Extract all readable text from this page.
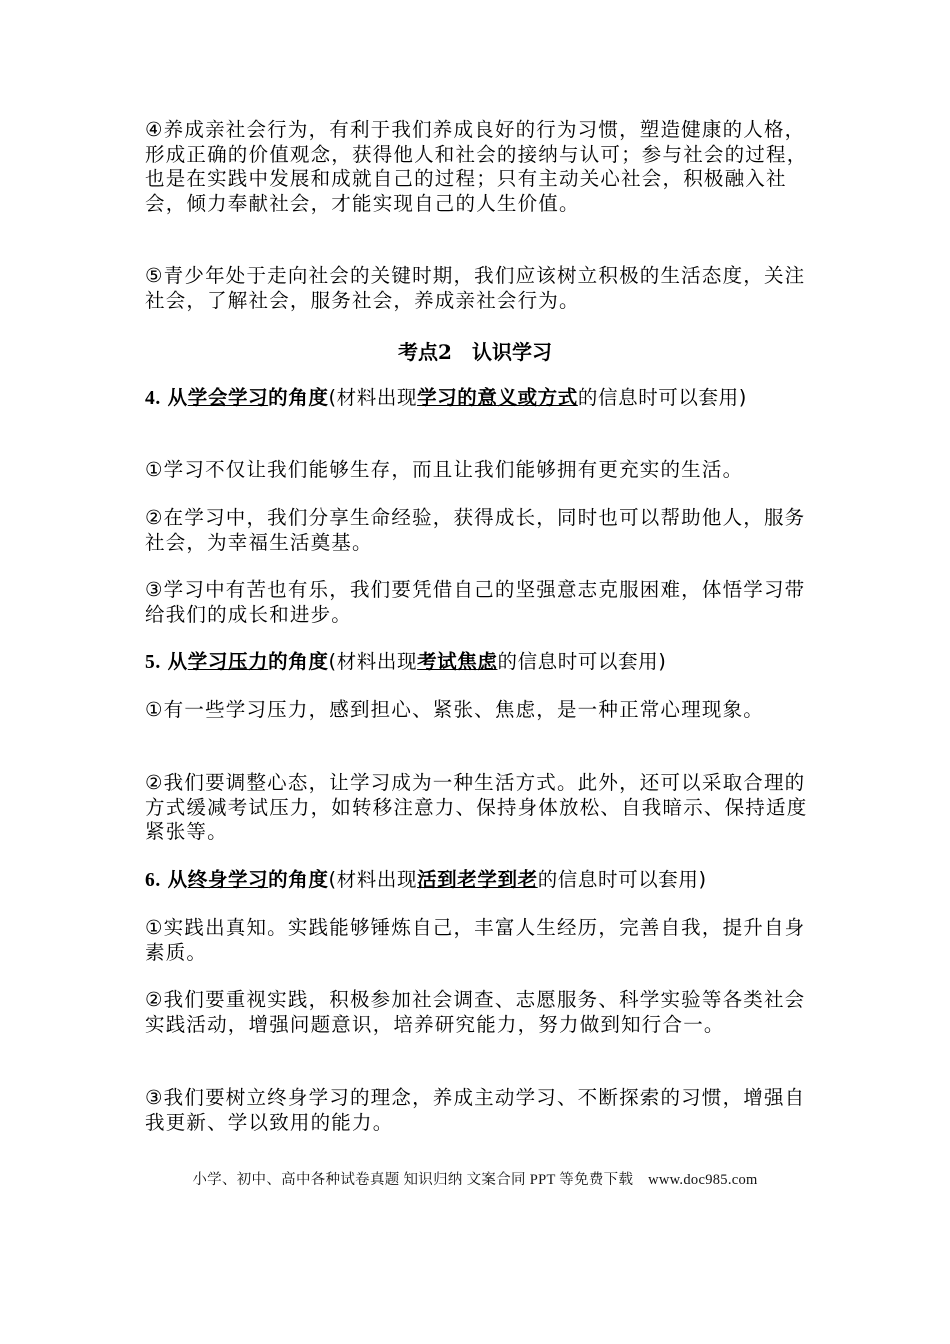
④养成亲社会行为，有利于我们养成良好的行为习惯，塑造健康的人格，形成正确的价值观念，获得他人和社会的接纳与认可；参与社会的过程，也是在实践中发展和成就自己的过程；只有主动关心社会，积极融入社会，倾力奉献社会，才能实现自己的人生价值。

⑤青少年处于走向社会的关键时期，我们应该树立积极的生活态度，关注社会，了解社会，服务社会，养成亲社会行为。

考点2　认识学习

4. 从学会学习的角度(材料出现学习的意义或方式的信息时可以套用)

①学习不仅让我们能够生存，而且让我们能够拥有更充实的生活。

②在学习中，我们分享生命经验，获得成长，同时也可以帮助他人，服务社会，为幸福生活奠基。

③学习中有苦也有乐，我们要凭借自己的坚强意志克服困难，体悟学习带给我们的成长和进步。

5. 从学习压力的角度(材料出现考试焦虑的信息时可以套用)

①有一些学习压力，感到担心、紧张、焦虑，是一种正常心理现象。

②我们要调整心态，让学习成为一种生活方式。此外，还可以采取合理的方式缓减考试压力，如转移注意力、保持身体放松、自我暗示、保持适度紧张等。

6. 从终身学习的角度(材料出现活到老学到老的信息时可以套用)

①实践出真知。实践能够锤炼自己，丰富人生经历，完善自我，提升自身素质。

②我们要重视实践，积极参加社会调查、志愿服务、科学实验等各类社会实践活动，增强问题意识，培养研究能力，努力做到知行合一。

③我们要树立终身学习的理念，养成主动学习、不断探索的习惯，增强自我更新、学以致用的能力。

小学、初中、高中各种试卷真题 知识归纳 文案合同 PPT 等免费下载　www.doc985.com
